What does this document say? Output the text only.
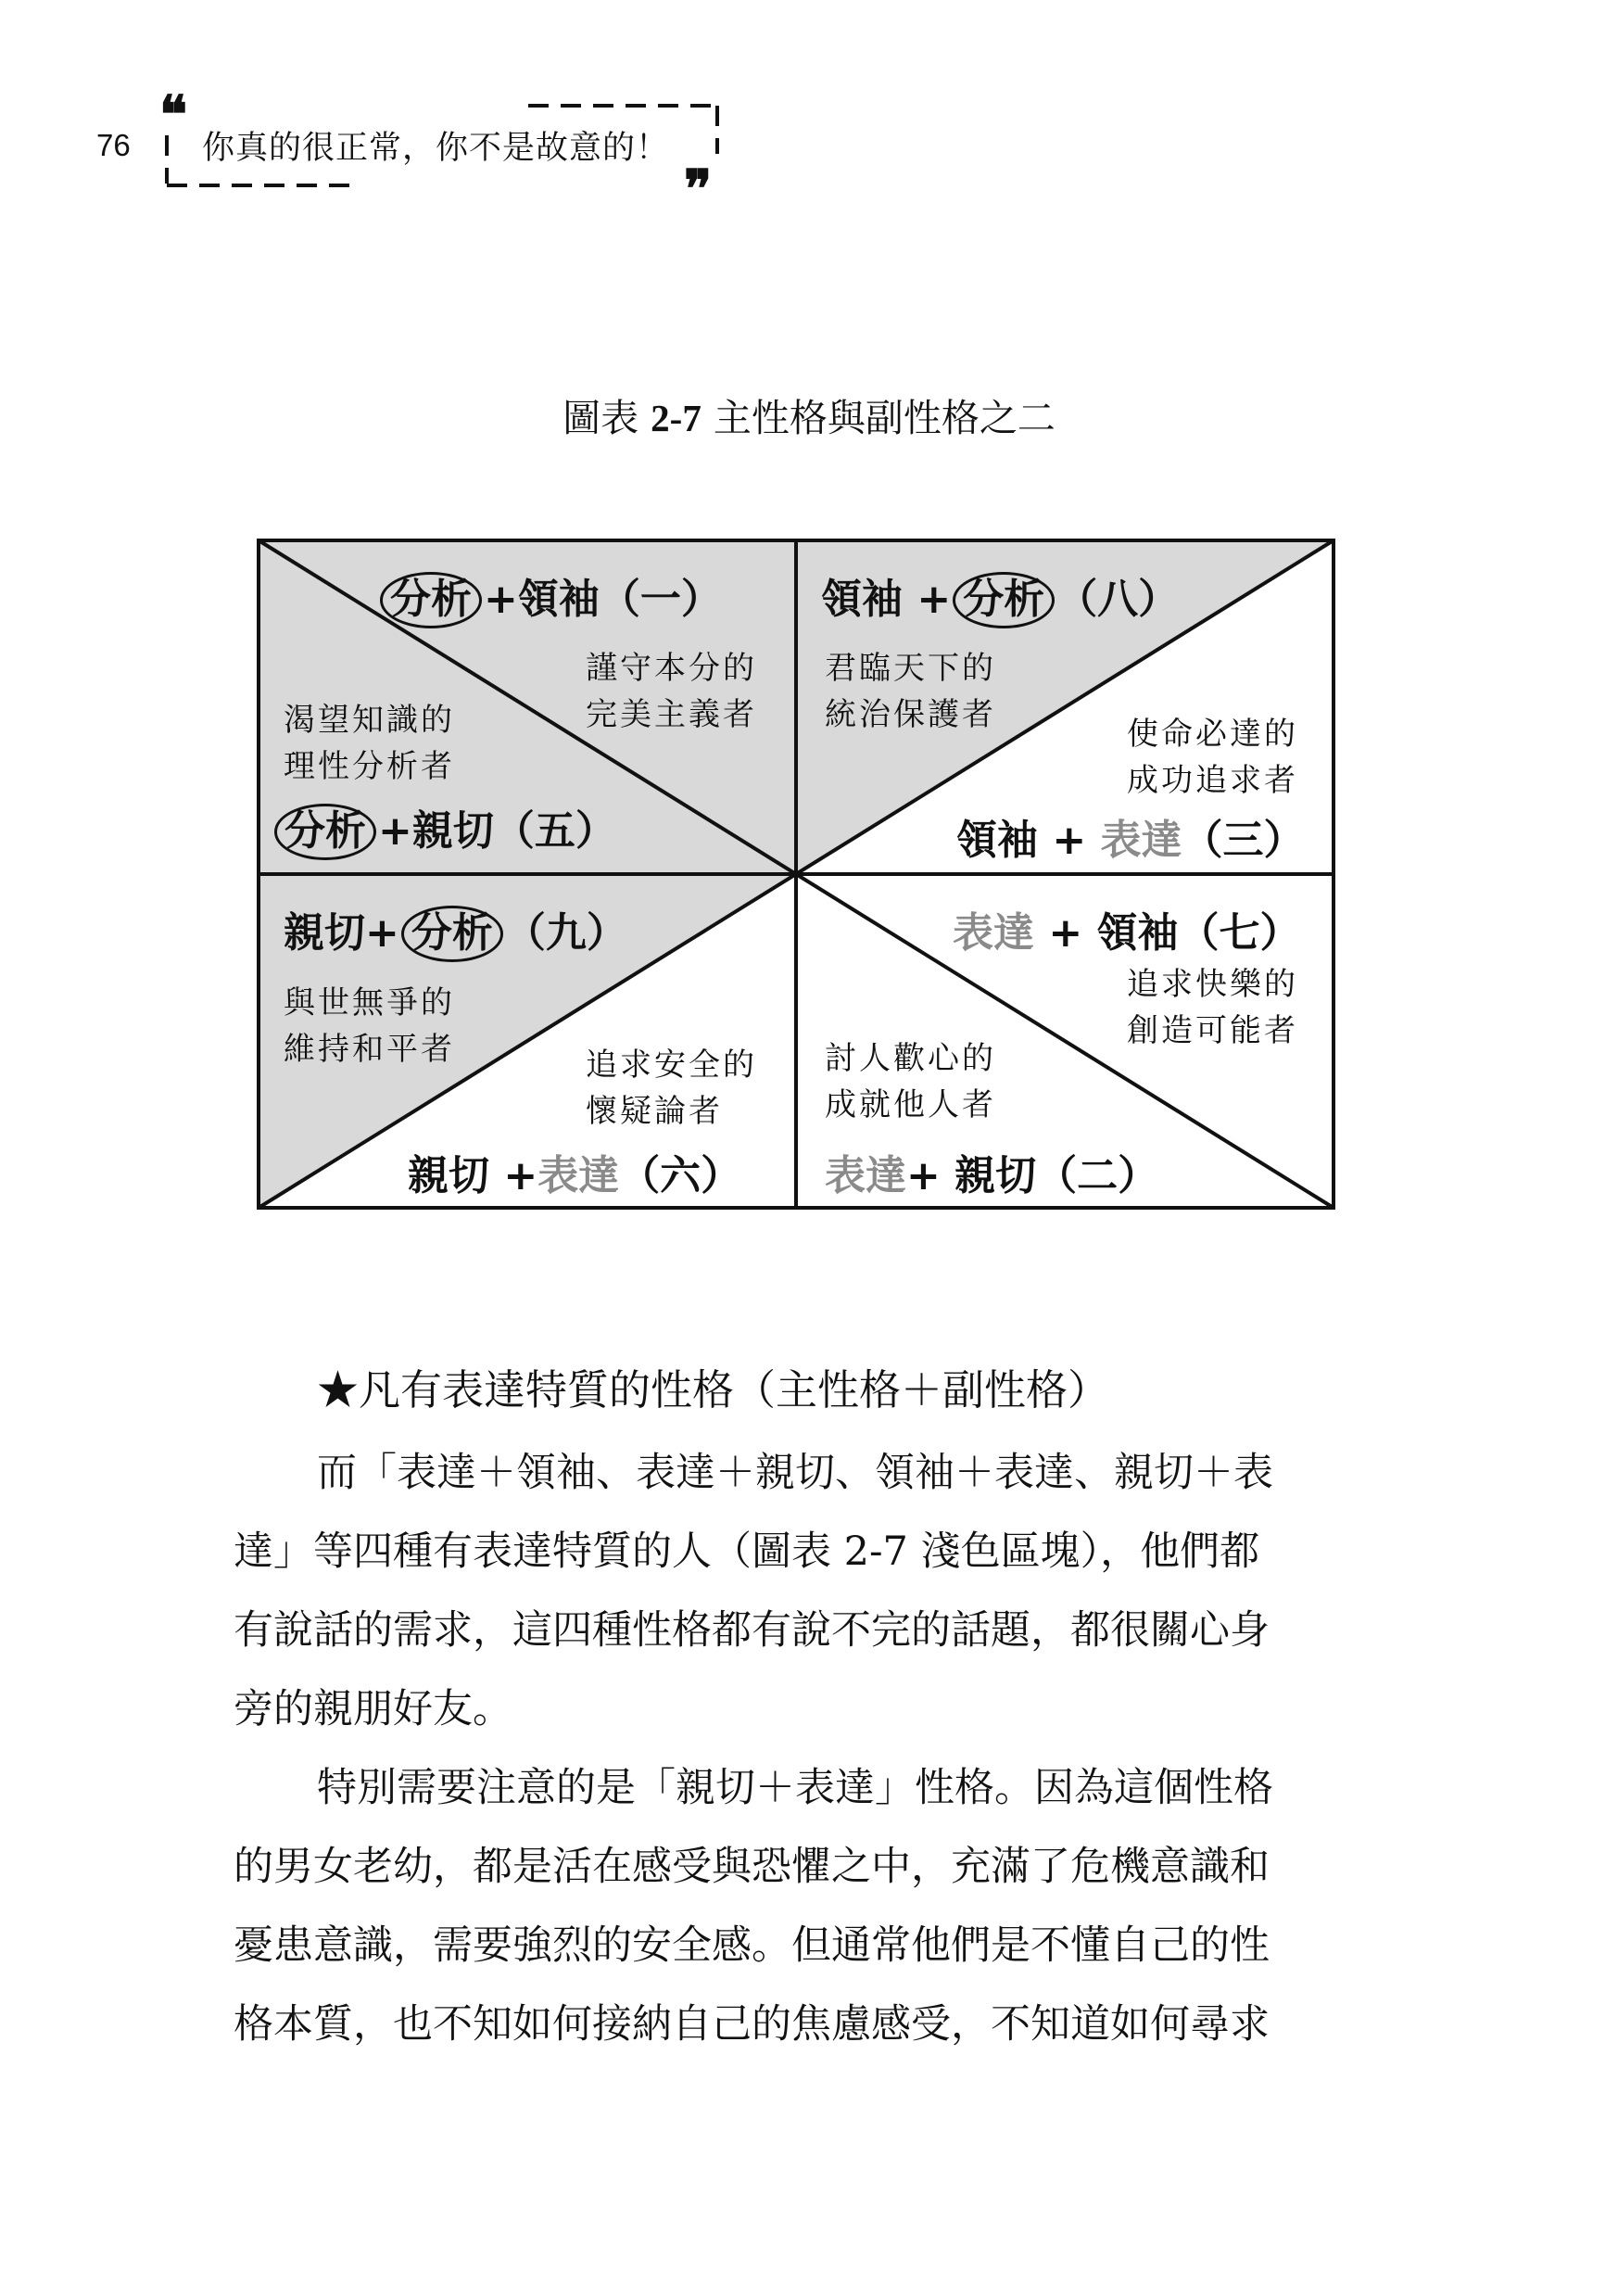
76 ❝
你真的很正常，你不是故意的！
❞
圖表 2-7 主性格與副性格之二
分析 +領袖（一）
謹守本分的
完美主義者
渴望知識的
理性分析者
分析 +親切（五）
領袖 + 分析 （八）
君臨天下的
統治保護者
使命必達的
成功追求者
領袖 + 表達（三）
親切+ 分析 （九）
與世無爭的
維持和平者	追求安全的
懷疑論者
親切 +表達（六）
表達 + 領袖（七）
追求快樂的
創造可能者
討人歡心的
成就他人者
表達+ 親切（二）
★凡有表達特質的性格（主性格＋副性格）
而「表達＋領袖、表達＋親切、領袖＋表達、親切＋表
達」等四種有表達特質的人（圖表 2-7 淺色區塊），他們都
有說話的需求，這四種性格都有說不完的話題，都很關心身
旁的親朋好友。
特別需要注意的是「親切＋表達」性格。因為這個性格
的男女老幼，都是活在感受與恐懼之中，充滿了危機意識和
憂患意識，需要強烈的安全感。但通常他們是不懂自己的性
格本質，也不知如何接納自己的焦慮感受，不知道如何尋求
